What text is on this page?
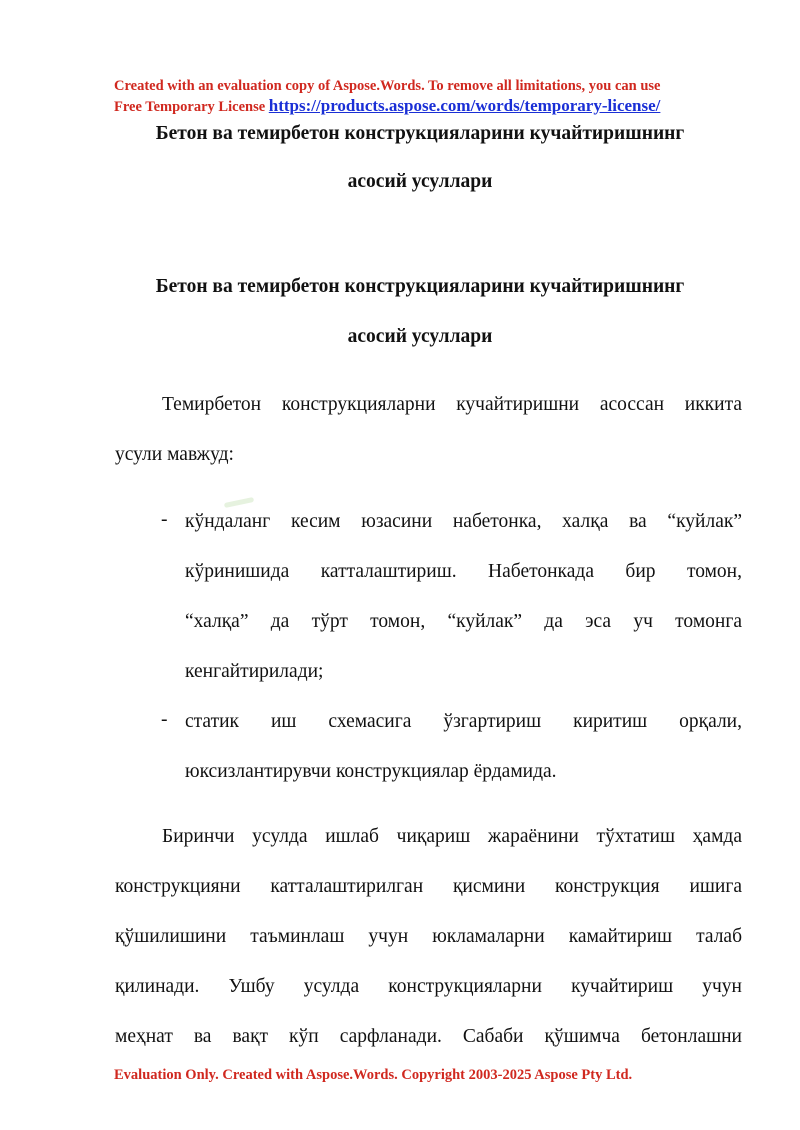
Created with an evaluation copy of Aspose.Words. To remove all limitations, you can use
Free Temporary License https://products.aspose.com/words/temporary-license/
Бетон ва темирбетон конструкцияларини кучайтиришнинг
асосий усуллари
Бетон ва темирбетон конструкцияларини кучайтиришнинг
асосий усуллари
Темирбетон конструкцияларни кучайтиришни асоссан иккита
усули мавжуд:
- кўндаланг кесим юзасини набетонка, халқа ва “куйлак”
кўринишида катталаштириш. Набетонкада бир томон,
“халқа” да тўрт томон, “куйлак” да эса уч томонга
кенгайтирилади;
- статик иш схемасига ўзгартириш киритиш орқали,
юксизлантирувчи конструкциялар ёрдамида.
Биринчи усулда ишлаб чиқариш жараёнини тўхтатиш ҳамда
конструкцияни катталаштирилган қисмини конструкция ишига
қўшилишини таъминлаш учун юкламаларни камайтириш талаб
қилинади. Ушбу усулда конструкцияларни кучайтириш учун
меҳнат ва вақт кўп сарфланади. Сабаби қўшимча бетонлашни
Evaluation Only. Created with Aspose.Words. Copyright 2003-2025 Aspose Pty Ltd.
